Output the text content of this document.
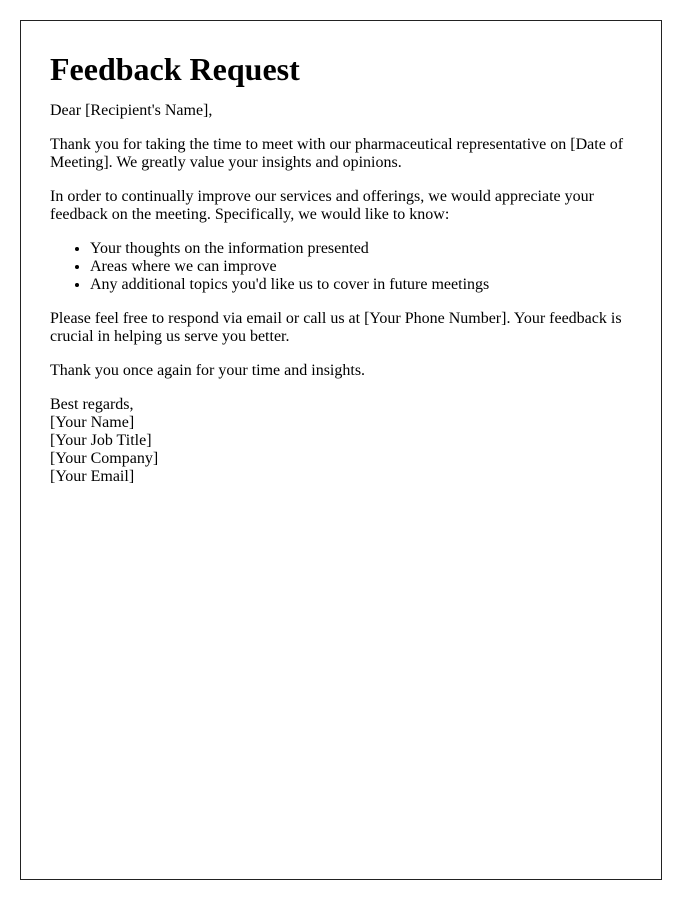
Feedback Request

Dear [Recipient's Name],

Thank you for taking the time to meet with our pharmaceutical representative on [Date of Meeting]. We greatly value your insights and opinions.

In order to continually improve our services and offerings, we would appreciate your feedback on the meeting. Specifically, we would like to know:

• Your thoughts on the information presented
• Areas where we can improve
• Any additional topics you'd like us to cover in future meetings

Please feel free to respond via email or call us at [Your Phone Number]. Your feedback is crucial in helping us serve you better.

Thank you once again for your time and insights.

Best regards,
[Your Name]
[Your Job Title]
[Your Company]
[Your Email]
